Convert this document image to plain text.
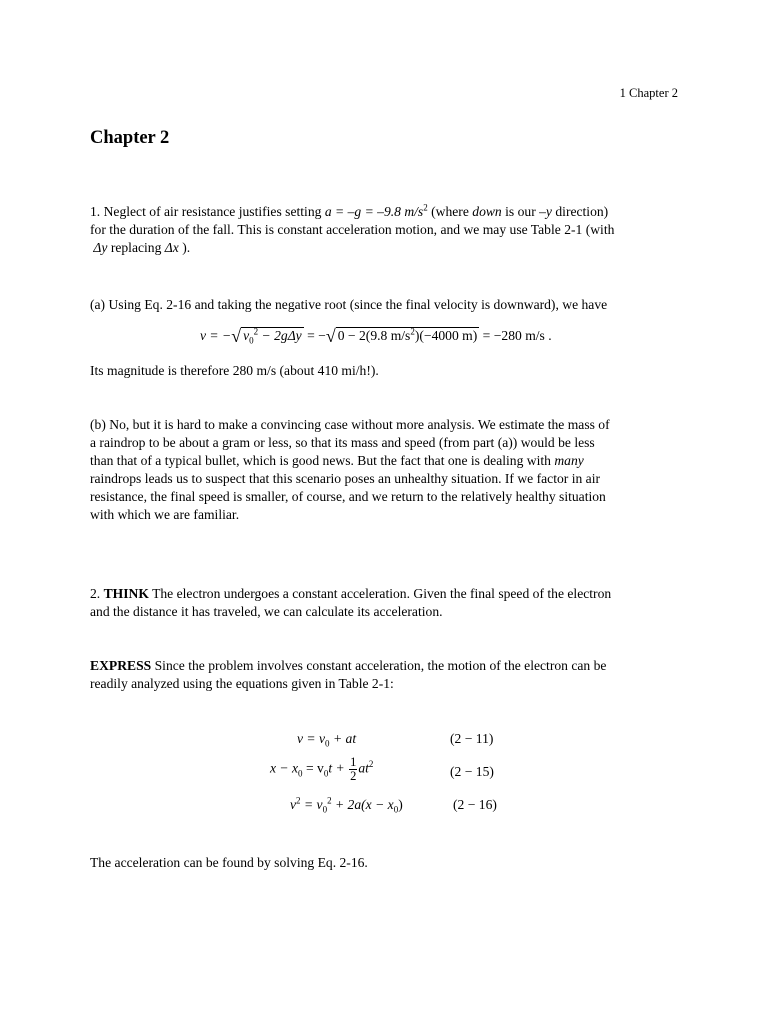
1 Chapter 2
Chapter 2
1. Neglect of air resistance justifies setting a = –g = –9.8 $m/s^2$ (where down is our –y direction)
for the duration of the fall. This is constant acceleration motion, and we may use Table 2-1 (with
Δy replacing Δx ).
(a) Using Eq. 2-16 and taking the negative root (since the final velocity is downward), we have
v = −√ $v_0^2 - 2g\Delta y$ = −√ 0 − 2(9.8 $m/s^2)(-4000$ m) = −280 m/s .
Its magnitude is therefore 280 m/s (about 410 mi/h!).
(b) No, but it is hard to make a convincing case without more analysis. We estimate the mass of
a raindrop to be about a gram or less, so that its mass and speed (from part (a)) would be less
than that of a typical bullet, which is good news. But the fact that one is dealing with many
raindrops leads us to suspect that this scenario poses an unhealthy situation. If we factor in air
resistance, the final speed is smaller, of course, and we return to the relatively healthy situation
with which we are familiar.
2. THINK The electron undergoes a constant acceleration. Given the final speed of the electron
and the distance it has traveled, we can calculate its acceleration.
EXPRESS Since the problem involves constant acceleration, the motion of the electron can be
readily analyzed using the equations given in Table 2-1:
$v = v_0$ + at	(2 − 11)
$x - x_0 = v_0t + \frac{1}{2} at^2$	(2 − 15)
$v^2 = v_0^2 + 2a(x - x_0)$	(2 − 16)
The acceleration can be found by solving Eq. 2-16.
